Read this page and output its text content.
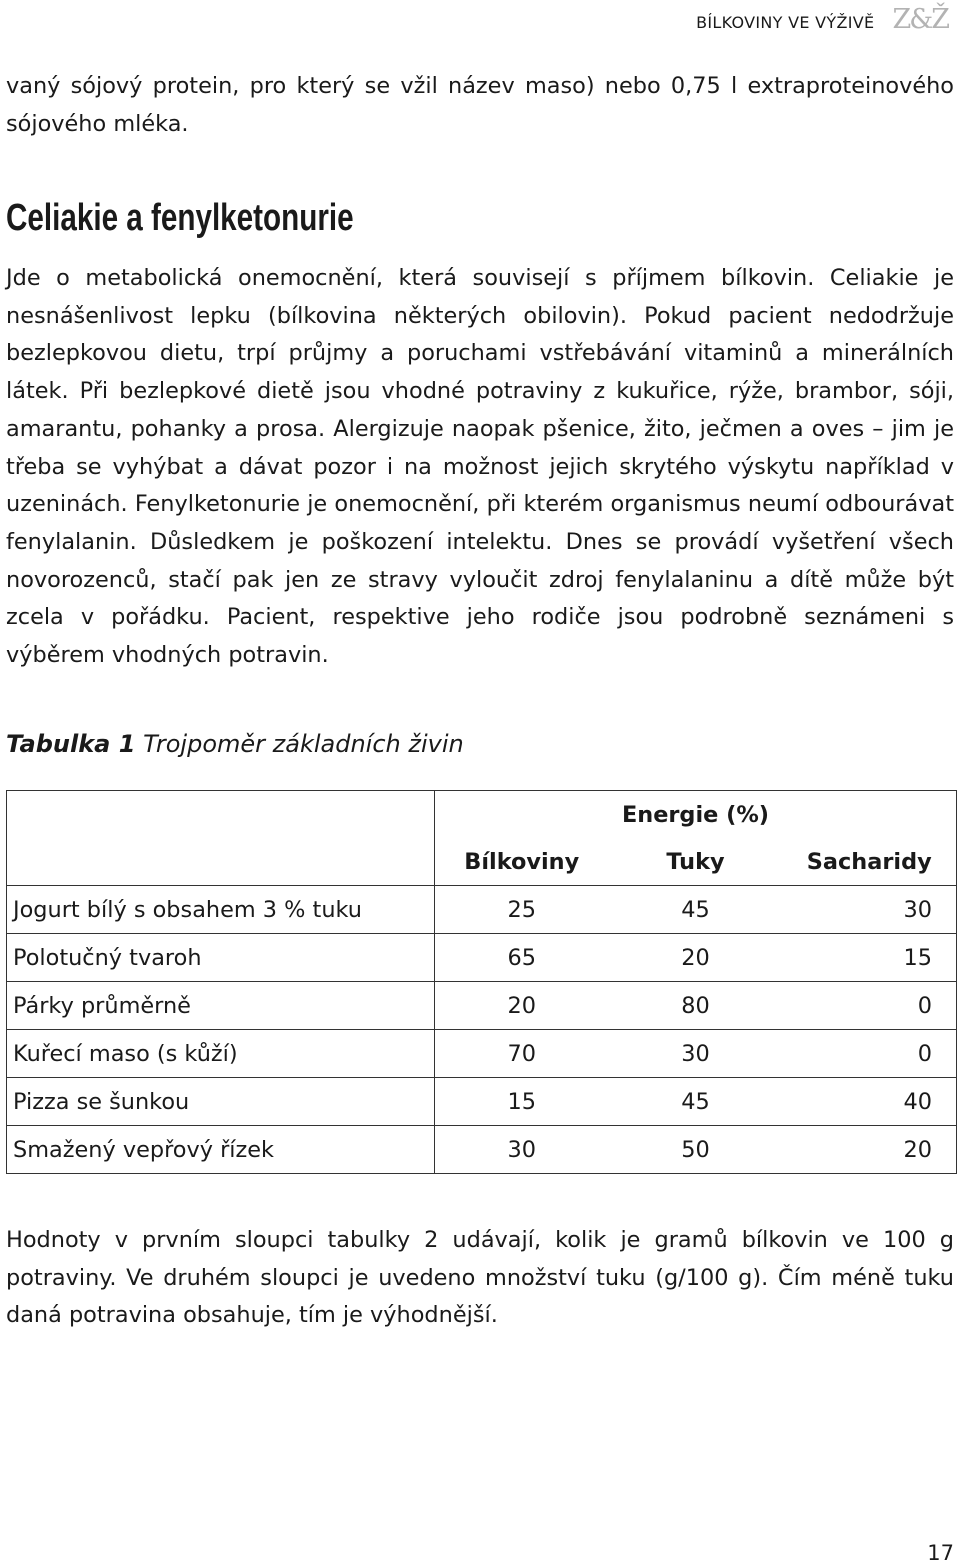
BÍLKOVINY VE VÝŽIVĚ Z&Ž

vaný sójový protein, pro který se vžil název maso) nebo 0,75 l extraproteinového sójového mléka.

Celiakie a fenylketonurie

Jde o metabolická onemocnění, která souvisejí s příjmem bílkovin. Celiakie je nesnášenlivost lepku (bílkovina některých obilovin). Pokud pacient nedodržuje bezlepkovou dietu, trpí průjmy a poruchami vstřebávání vitaminů a minerálních látek. Při bezlepkové dietě jsou vhodné potraviny z kukuřice, rýže, brambor, sóji, amarantu, pohanky a prosa. Alergizuje naopak pšenice, žito, ječmen a oves – jim je třeba se vyhýbat a dávat pozor i na možnost jejich skrytého výskytu například v uzeninách. Fenylketonurie je onemocnění, při kterém organismus neumí odbourávat fenylalanin. Důsledkem je poškození intelektu. Dnes se provádí vyšetření všech novorozenců, stačí pak jen ze stravy vyloučit zdroj fenylalaninu a dítě může být zcela v pořádku. Pacient, respektive jeho rodiče jsou podrobně seznámeni s výběrem vhodných potravin.

Tabulka 1 Trojpoměr základních živin

	Energie (%)		
	Bílkoviny	Tuky	Sacharidy
Jogurt bílý s obsahem 3 % tuku	25	45	30
Polotučný tvaroh	65	20	15
Párky průměrně	20	80	0
Kuřecí maso (s kůží)	70	30	0
Pizza se šunkou	15	45	40
Smažený vepřový řízek	30	50	20

Hodnoty v prvním sloupci tabulky 2 udávají, kolik je gramů bílkovin ve 100 g potraviny. Ve druhém sloupci je uvedeno množství tuku (g/100 g). Čím méně tuku daná potravina obsahuje, tím je výhodnější.

17
